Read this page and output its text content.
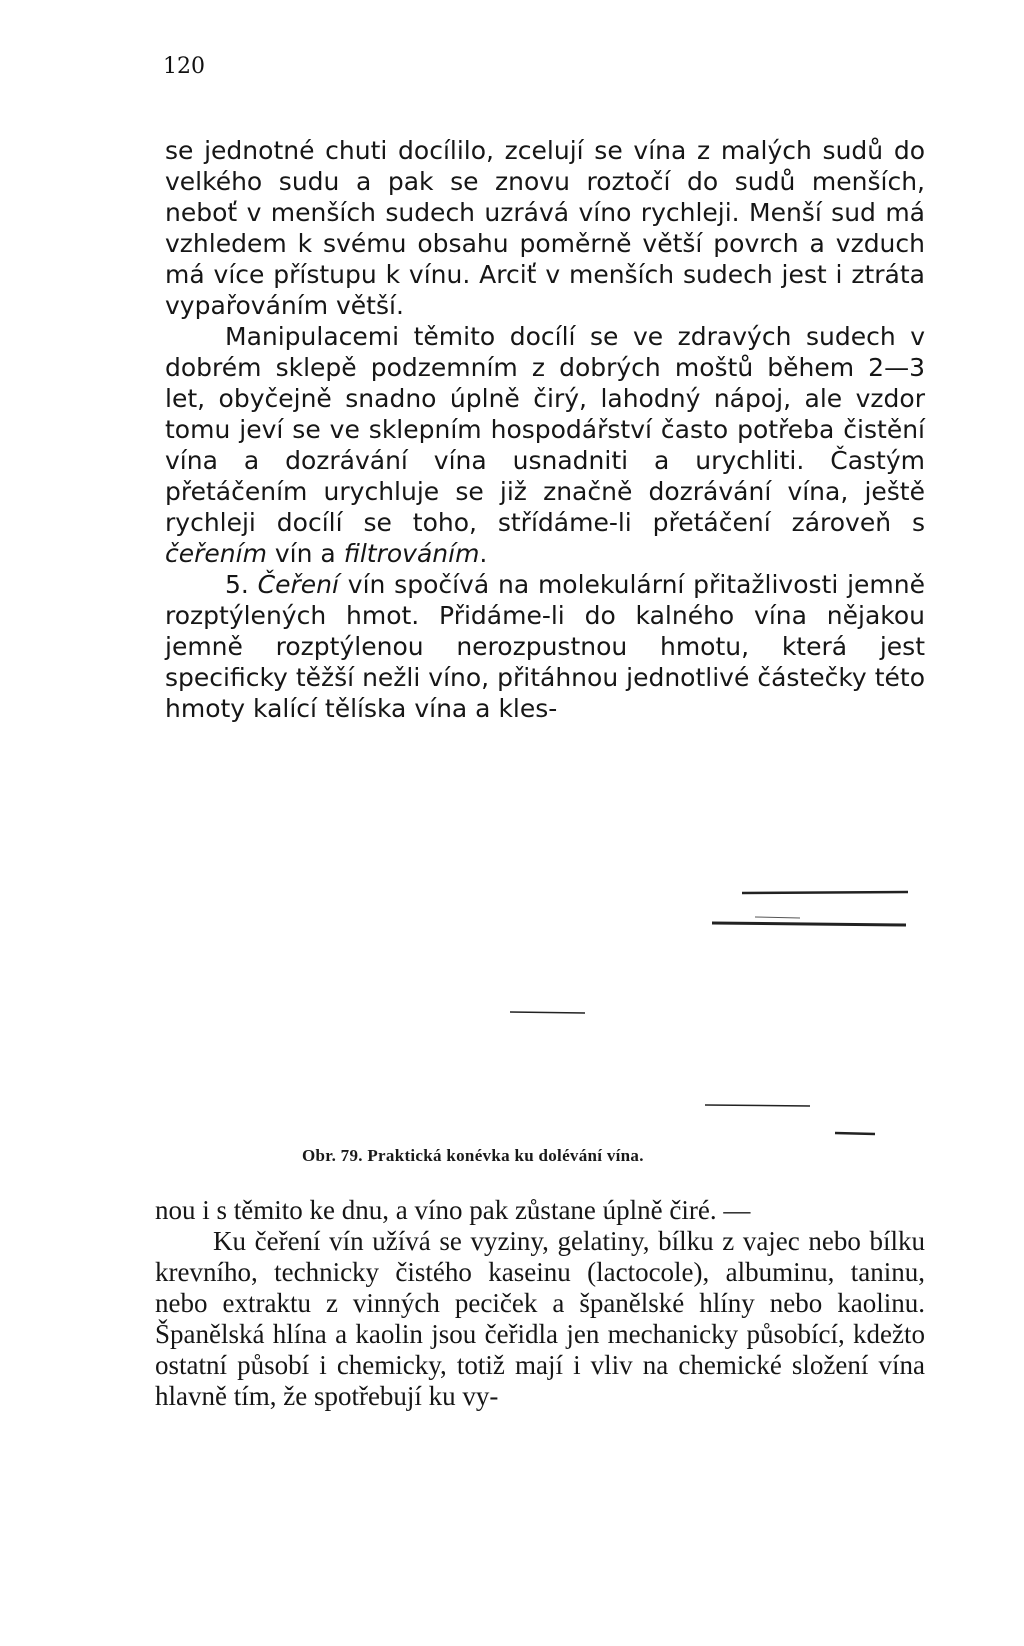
120

se jednotné chuti docílilo, zcelují se vína z malých sudů do velkého sudu a pak se znovu roztočí do sudů menších, neboť v menších sudech uzrává víno rychleji. Menší sud má vzhledem k svému obsahu poměrně větší povrch a vzduch má více přístupu k vínu. Arciť v menších sudech jest i ztráta vypařováním větší.

Manipulacemi těmito docílí se ve zdravých sudech v dobrém sklepě podzemním z dobrých moštů během 2—3 let, obyčejně snadno úplně čirý, lahodný nápoj, ale vzdor tomu jeví se ve sklepním hospodářství často potřeba čistění vína a dozrávání vína usnadniti a urychliti. Častým přetáčením urychluje se již značně dozrávání vína, ještě rychleji docílí se toho, střídáme-li přetáčení zároveň s čeřením vín a filtrováním.

5. Čeření vín spočívá na molekulární přitažlivosti jemně rozptýlených hmot. Přidáme-li do kalného vína nějakou jemně rozptýlenou nerozpustnou hmotu, která jest specificky těžší nežli víno, přitáhnou jednotlivé částečky této hmoty kalící tělíska vína a kles-

Obr. 79. Praktická konévka ku dolévání vína.

nou i s těmito ke dnu, a víno pak zůstane úplně čiré. —

Ku čeření vín užívá se vyziny, gelatiny, bílku z vajec nebo bílku krevního, technicky čistého kaseinu (lactocole), albuminu, taninu, nebo extraktu z vinných peciček a španělské hlíny nebo kaolinu. Španělská hlína a kaolin jsou čeřidla jen mechanicky působící, kdežto ostatní působí i chemicky, totiž mají i vliv na chemické složení vína hlavně tím, že spotřebují ku vy-
